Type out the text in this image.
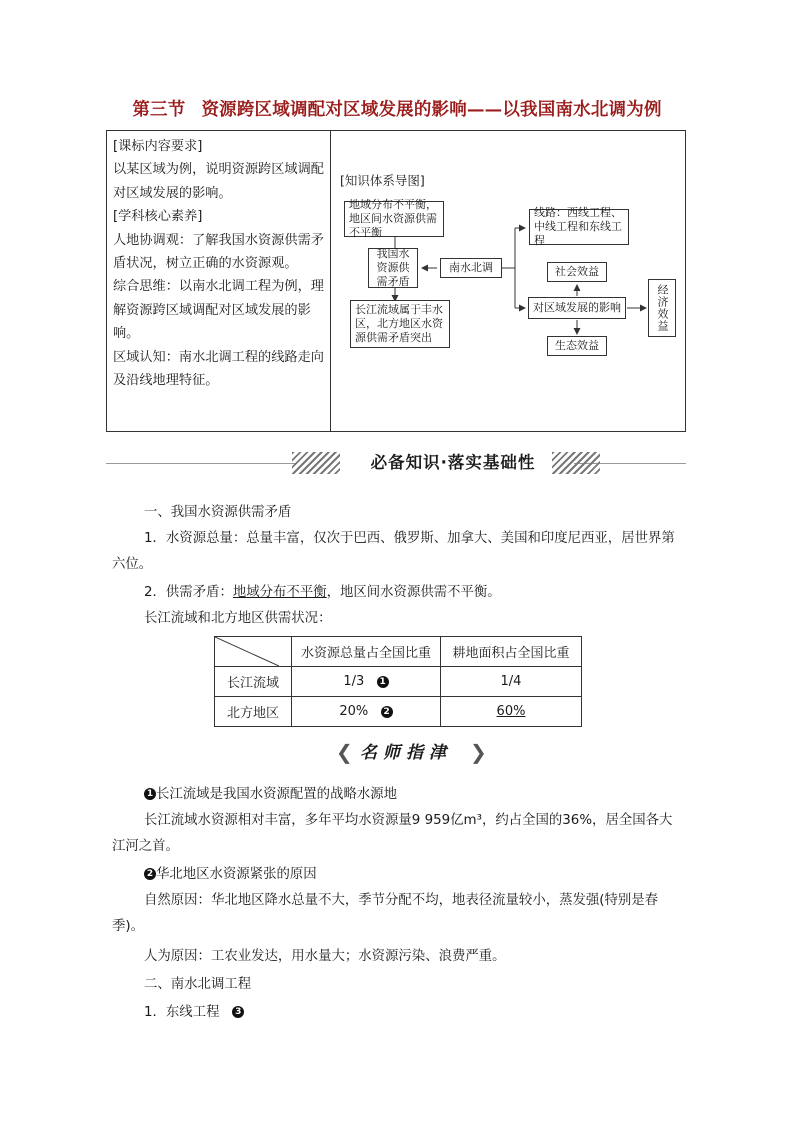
第三节 资源跨区域调配对区域发展的影响——以我国南水北调为例

[课标内容要求]

以某区域为例，说明资源跨区域调配对区域发展的影响。

[学科核心素养]

人地协调观：了解我国水资源供需矛盾状况，树立正确的水资源观。

综合思维：以南水北调工程为例，理解资源跨区域调配对区域发展的影响。

区域认知：南水北调工程的线路走向及沿线地理特征。

[知识体系导图]
地域分布不平衡，地区间水资源供需不平衡
我国水资源供需矛盾
长江流域属于丰水区，北方地区水资源供需矛盾突出
南水北调
线路：西线工程、中线工程和东线工程
社会效益
对区域发展的影响
生态效益
经济效益
必备知识·落实基础性
一、我国水资源供需矛盾
1．水资源总量：总量丰富，仅次于巴西、俄罗斯、加拿大、美国和印度尼西亚，居世界第六位。
2．供需矛盾：地域分布不平衡，地区间水资源供需不平衡。
长江流域和北方地区供需状况：
	水资源总量占全国比重	耕地面积占全国比重
长江流域	1/3 1	1/4
北方地区	20% 2	60%
❮ 名师指津 ❯
1 长江流域是我国水资源配置的战略水源地
长江流域水资源相对丰富，多年平均水资源量9 959亿m³，约占全国的36%，居全国各大江河之首。
2 华北地区水资源紧张的原因
自然原因：华北地区降水总量不大，季节分配不均，地表径流量较小，蒸发强(特别是春季)。
人为原因：工农业发达，用水量大；水资源污染、浪费严重。
二、南水北调工程
1．东线工程 3
